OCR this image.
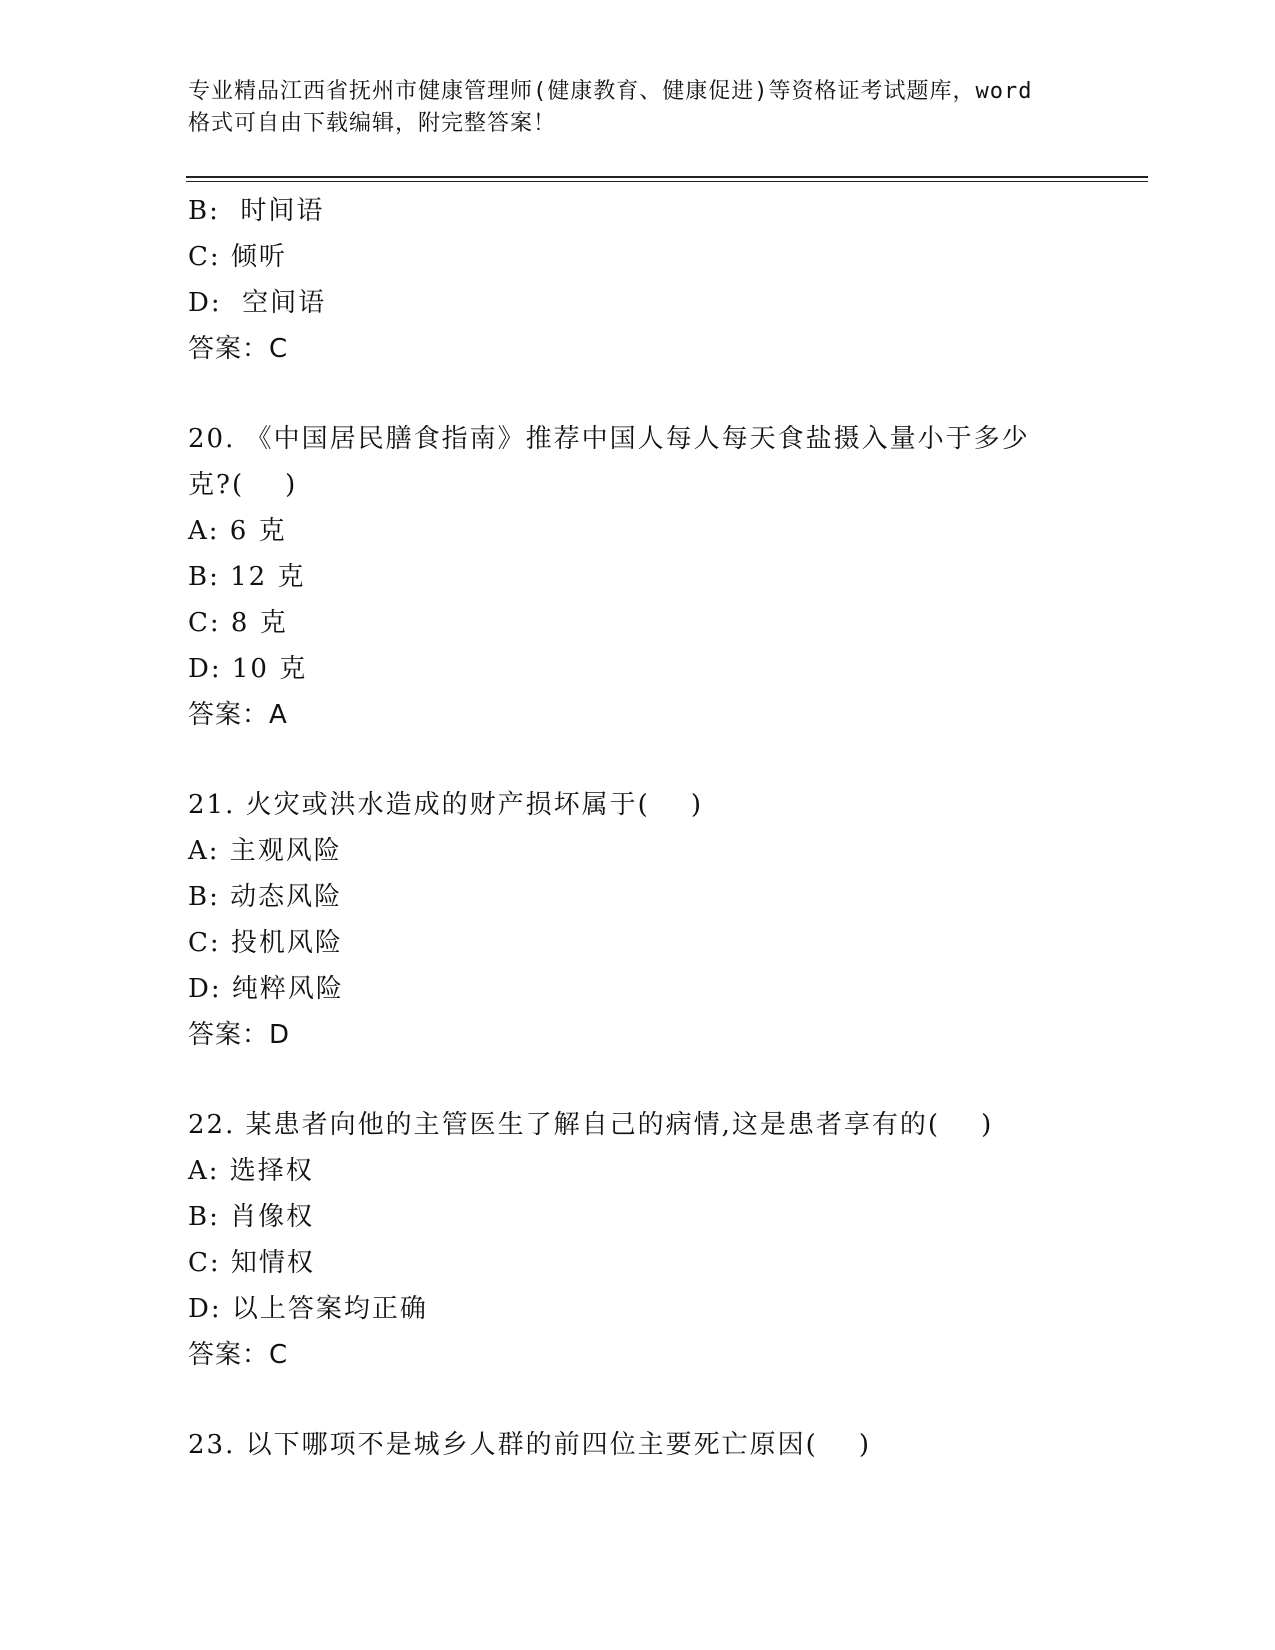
专业精品江西省抚州市健康管理师(健康教育、健康促进)等资格证考试题库，word
格式可自由下载编辑，附完整答案！
B:  时间语
C: 倾听
D:  空间语
答案：C
20. 《中国居民膳食指南》推荐中国人每人每天食盐摄入量小于多少
克?(    )
A: 6 克
B: 12 克
C: 8 克
D: 10 克
答案：A
21. 火灾或洪水造成的财产损坏属于(    )
A: 主观风险
B: 动态风险
C: 投机风险
D: 纯粹风险
答案：D
22. 某患者向他的主管医生了解自己的病情,这是患者享有的(    )
A: 选择权
B: 肖像权
C: 知情权
D: 以上答案均正确
答案：C
23. 以下哪项不是城乡人群的前四位主要死亡原因(    )
